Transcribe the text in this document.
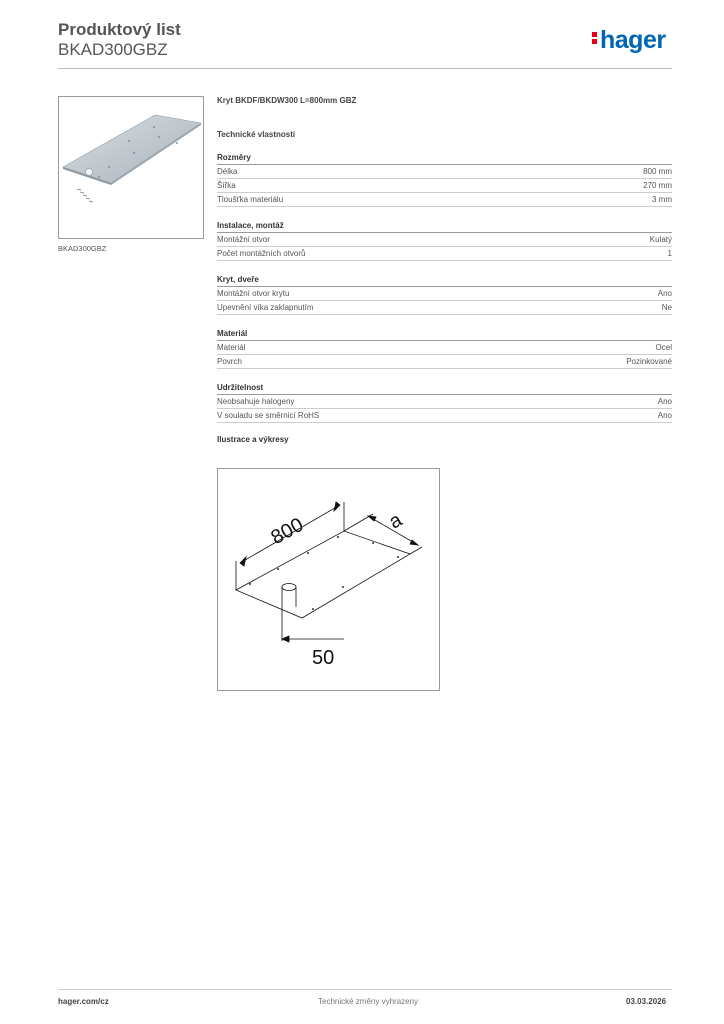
Produktový list
BKAD300GBZ	hager
BKAD300GBZ
Kryt BKDF/BKDW300 L=800mm GBZ
Technické vlastnosti
Rozměry
Délka	800 mm
Šířka	270 mm
Tloušťka materiálu	3 mm
Instalace, montáž
Montážní otvor	Kulatý
Počet montážních otvorů	1
Kryt, dveře
Montážní otvor krytu	Ano
Upevnění víka zaklapnutím	Ne
Materiál
Materiál	Ocel
Povrch	Pozinkované
Udržitelnost
Neobsahuje halogeny	Ano
V souladu se směrnicí RoHS	Ano
Ilustrace a výkresy
800	a
50
hager.com/cz	Technické změny vyhrazeny	03.03.2026
